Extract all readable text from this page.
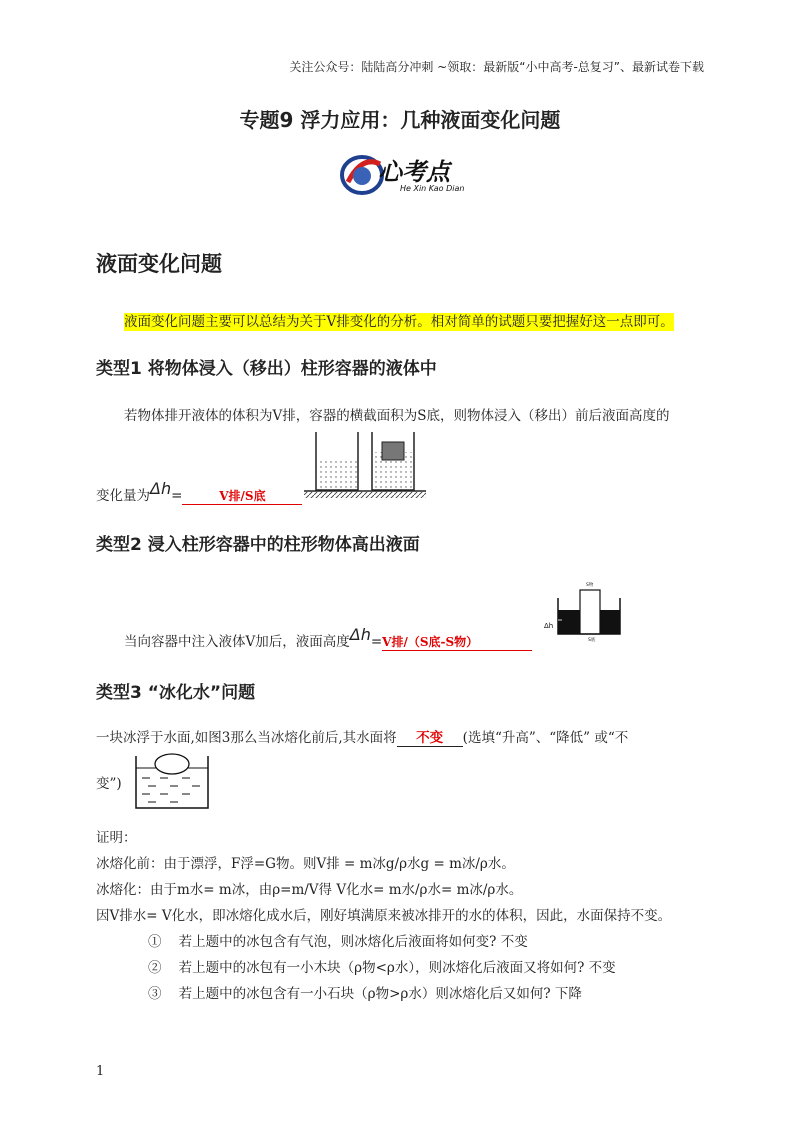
关注公众号：陆陆高分冲刺 ~领取：最新版“小中高考-总复习”、最新试卷下载
专题9 浮力应用：几种液面变化问题
心考点
He Xin Kao Dian
液面变化问题
液面变化问题主要可以总结为关于V排变化的分析。相对简单的试题只要把握好这一点即可。
类型1 将物体浸入（移出）柱形容器的液体中
若物体排开液体的体积为V排，容器的横截面积为S底，则物体浸入（移出）前后液面高度的
变化量为Δh=	V排/S底
类型2 浸入柱形容器中的柱形物体高出液面
当向容器中注入液体V加后，液面高度Δh=V排/（S底-S物）
S物
S底
Δh
类型3 “冰化水”问题
一块冰浮于水面,如图3那么当冰熔化前后,其水面将 不变 (选填“升高”、“降低” 或“不
变”)
证明：
冰熔化前：由于漂浮，F浮=G物。则V排 = m冰g/ρ水g = m冰/ρ水。
冰熔化：由于m水= m冰，由ρ=m/V得 V化水= m水/ρ水= m冰/ρ水。
因V排水= V化水，即冰熔化成水后，刚好填满原来被冰排开的水的体积，因此，水面保持不变。
① 若上题中的冰包含有气泡，则冰熔化后液面将如何变? 不变
② 若上题中的冰包有一小木块（ρ物<ρ水），则冰熔化后液面又将如何? 不变
③ 若上题中的冰包含有一小石块（ρ物>ρ水）则冰熔化后又如何? 下降
1
